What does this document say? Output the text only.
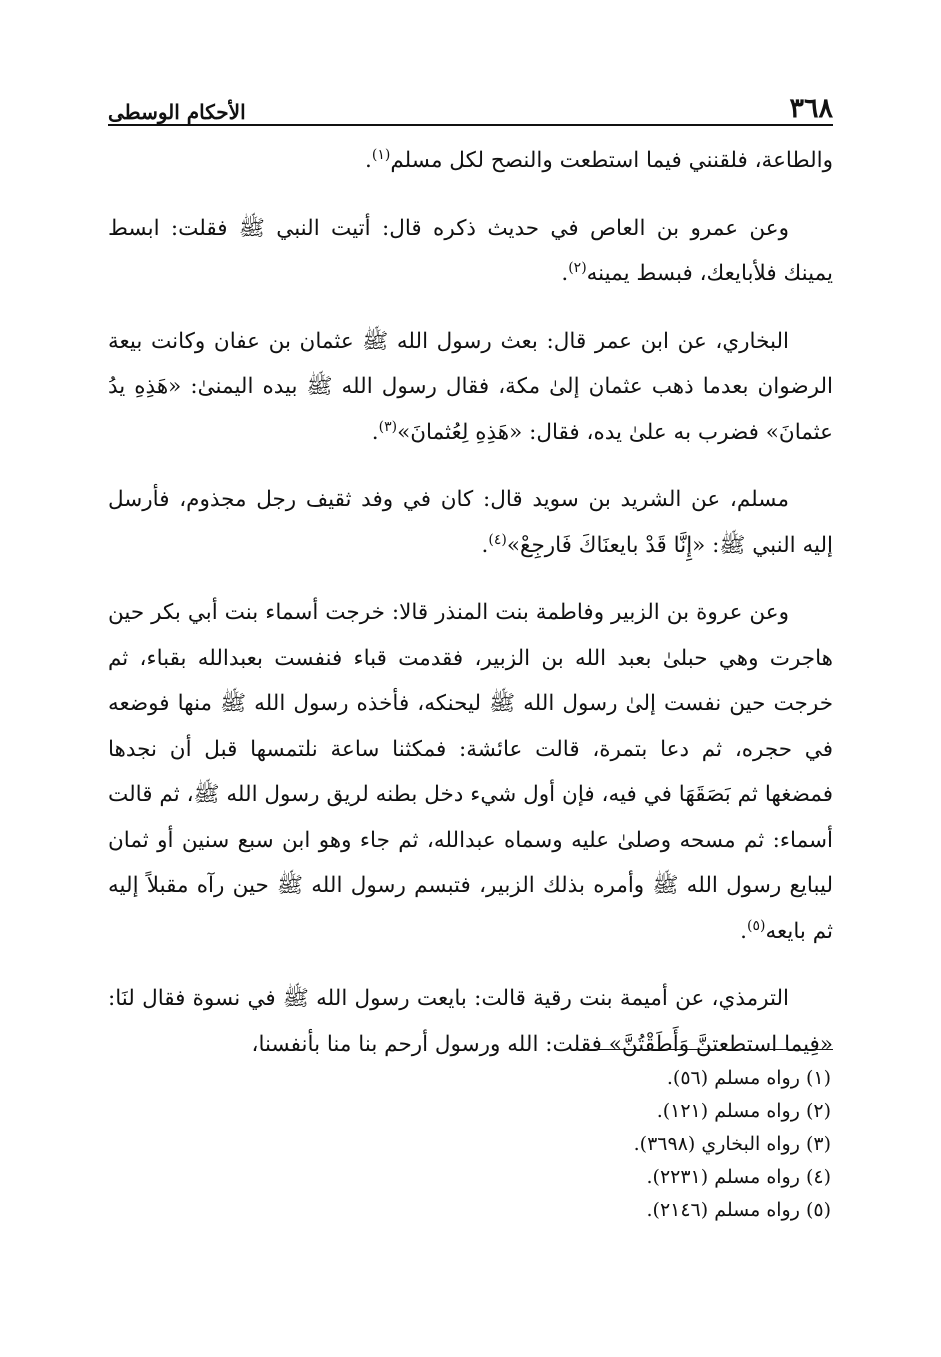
٣٦٨
الأحكام الوسطى

والطاعة، فلقنني فيما استطعت والنصح لكل مسلم$^{(١)}$.

وعن عمرو بن العاص في حديث ذكره قال: أتيت النبي ﷺ فقلت: ابسط يمينك فلأبايعك، فبسط يمينه$^{(٢)}$.

البخاري، عن ابن عمر قال: بعث رسول الله ﷺ عثمان بن عفان وكانت بيعة الرضوان بعدما ذهب عثمان إلىٰ مكة، فقال رسول الله ﷺ بيده اليمنىٰ: «هَذِهِ يدُ عثمانَ» فضرب به علىٰ يده، فقال: «هَذِهِ لِعُثمانَ»$^{(٣)}$.

مسلم، عن الشريد بن سويد قال: كان في وفد ثقيف رجل مجذوم، فأرسل إليه النبي ﷺ: «إِنَّا قَدْ بايعنَاكَ فَارجِعْ»$^{(٤)}$.

وعن عروة بن الزبير وفاطمة بنت المنذر قالا: خرجت أسماء بنت أبي بكر حين هاجرت وهي حبلىٰ بعبد الله بن الزبير، فقدمت قباء فنفست بعبدالله بقباء، ثم خرجت حين نفست إلىٰ رسول الله ﷺ ليحنكه، فأخذه رسول الله ﷺ منها فوضعه في حجره، ثم دعا بتمرة، قالت عائشة: فمكثنا ساعة نلتمسها قبل أن نجدها فمضغها ثم بَصَقَهَا في فيه، فإن أول شيء دخل بطنه لريق رسول الله ﷺ، ثم قالت أسماء: ثم مسحه وصلىٰ عليه وسماه عبدالله، ثم جاء وهو ابن سبع سنين أو ثمان ليبايع رسول الله ﷺ وأمره بذلك الزبير، فتبسم رسول الله ﷺ حين رآه مقبلاً إليه ثم بايعه$^{(٥)}$.

الترمذي، عن أميمة بنت رقية قالت: بايعت رسول الله ﷺ في نسوة فقال لنَا: «فِيما استطعتنَّ وَأَطَقْتُنَّ» فقلت: الله ورسول أرحم بنا منا بأنفسنا،

(١) رواه مسلم (٥٦).
(٢) رواه مسلم (١٢١).
(٣) رواه البخاري (٣٦٩٨).
(٤) رواه مسلم (٢٢٣١).
(٥) رواه مسلم (٢١٤٦).
